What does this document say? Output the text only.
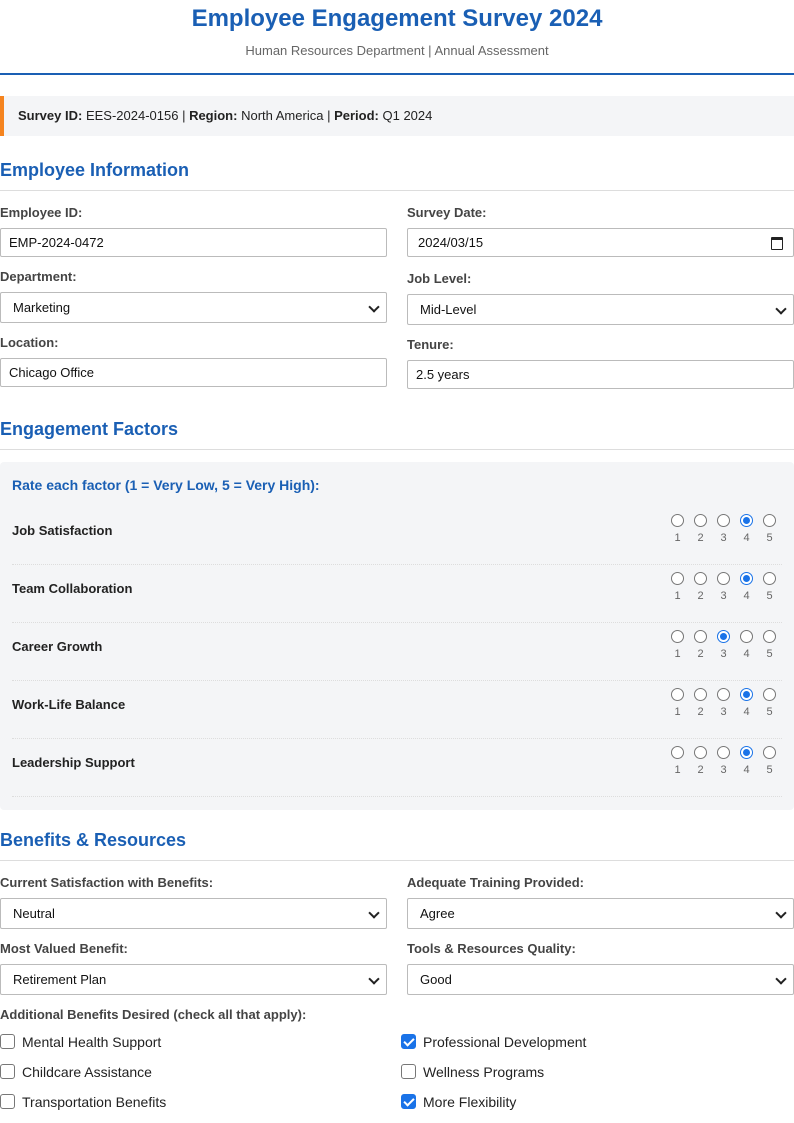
Employee Engagement Survey 2024
Human Resources Department | Annual Assessment
Survey ID: EES-2024-0156 | Region: North America | Period: Q1 2024
Employee Information
Employee ID:
EMP-2024-0472
Survey Date:
2024/03/15
Department:
Marketing
Job Level:
Mid-Level
Location:
Chicago Office
Tenure:
2.5 years
Engagement Factors
Rate each factor (1 = Very Low, 5 = Very High):
Job Satisfaction	1	2	3	4	5
Team Collaboration	1	2	3	4	5
Career Growth	1	2	3	4	5
Work-Life Balance	1	2	3	4	5
Leadership Support	1	2	3	4	5
Benefits & Resources
Current Satisfaction with Benefits:
Neutral
Adequate Training Provided:
Agree
Most Valued Benefit:
Retirement Plan
Tools & Resources Quality:
Good
Additional Benefits Desired (check all that apply):
Mental Health Support	Professional Development
Childcare Assistance	Wellness Programs
Transportation Benefits	More Flexibility
